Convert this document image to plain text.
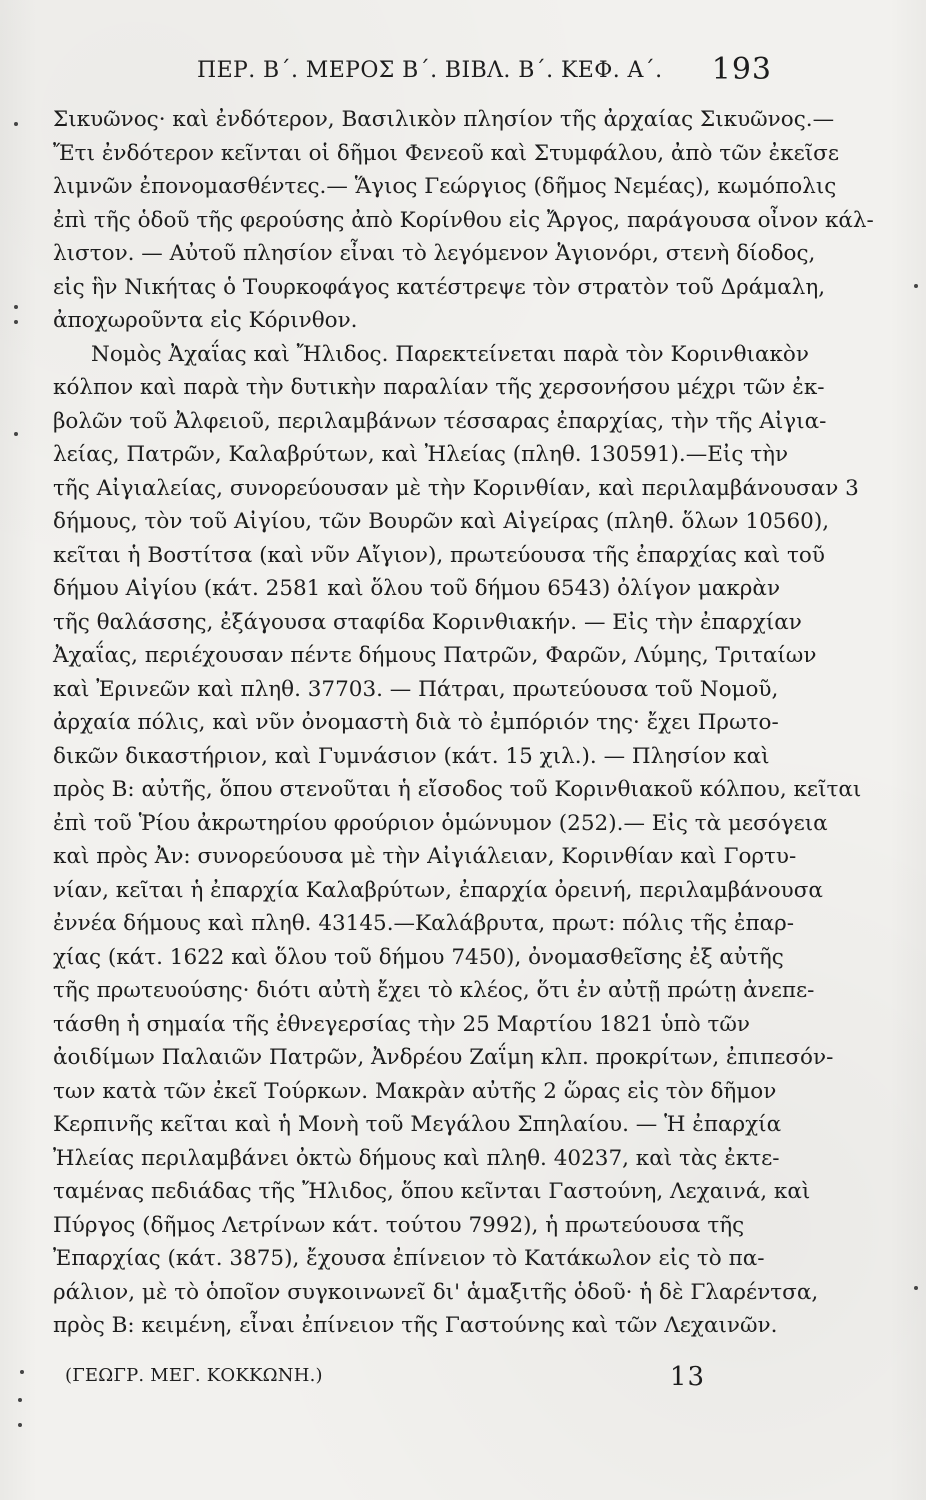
ΠΕΡ. Β΄. ΜΕΡΟΣ Β΄. ΒΙΒΛ. Β΄. ΚΕΦ. Α΄. 193
Σικυῶνος· καὶ ἐνδότερον, Βασιλικὸν πλησίον τῆς ἀρχαίας Σικυῶνος.—
Ἔτι ἐνδότερον κεῖνται οἱ δῆμοι Φενεοῦ καὶ Στυμφάλου, ἀπὸ τῶν ἐκεῖσε
λιμνῶν ἐπονομασθέντες.— Ἅγιος Γεώργιος (δῆμος Νεμέας), κωμόπολις
ἐπὶ τῆς ὁδοῦ τῆς φερούσης ἀπὸ Κορίνθου εἰς Ἄργος, παράγουσα οἶνον κάλ-
λιστον. — Αὐτοῦ πλησίον εἶναι τὸ λεγόμενον Ἁγιονόρι, στενὴ δίοδος,
εἰς ἣν Νικήτας ὁ Τουρκοφάγος κατέστρεψε τὸν στρατὸν τοῦ Δράμαλη,
ἀποχωροῦντα εἰς Κόρινθον.
Νομὸς Ἀχαΐας καὶ Ἤλιδος. Παρεκτείνεται παρὰ τὸν Κορινθιακὸν
κόλπον καὶ παρὰ τὴν δυτικὴν παραλίαν τῆς χερσονήσου μέχρι τῶν ἐκ-
βολῶν τοῦ Ἀλφειοῦ, περιλαμβάνων τέσσαρας ἐπαρχίας, τὴν τῆς Αἰγια-
λείας, Πατρῶν, Καλαβρύτων, καὶ Ἠλείας (πληθ. 130591).—Εἰς τὴν
τῆς Αἰγιαλείας, συνορεύουσαν μὲ τὴν Κορινθίαν, καὶ περιλαμβάνουσαν 3
δήμους, τὸν τοῦ Αἰγίου, τῶν Βουρῶν καὶ Αἰγείρας (πληθ. ὅλων 10560),
κεῖται ἡ Βοστίτσα (καὶ νῦν Αἴγιον), πρωτεύουσα τῆς ἐπαρχίας καὶ τοῦ
δήμου Αἰγίου (κάτ. 2581 καὶ ὅλου τοῦ δήμου 6543) ὀλίγον μακρὰν
τῆς θαλάσσης, ἐξάγουσα σταφίδα Κορινθιακήν. — Εἰς τὴν ἐπαρχίαν
Ἀχαΐας, περιέχουσαν πέντε δήμους Πατρῶν, Φαρῶν, Λύμης, Τριταίων
καὶ Ἐρινεῶν καὶ πληθ. 37703. — Πάτραι, πρωτεύουσα τοῦ Νομοῦ,
ἀρχαία πόλις, καὶ νῦν ὀνομαστὴ διὰ τὸ ἐμπόριόν της· ἔχει Πρωτο-
δικῶν δικαστήριον, καὶ Γυμνάσιον (κάτ. 15 χιλ.). — Πλησίον καὶ
πρὸς Β: αὐτῆς, ὅπου στενοῦται ἡ εἴσοδος τοῦ Κορινθιακοῦ κόλπου, κεῖται
ἐπὶ τοῦ Ῥίου ἀκρωτηρίου φρούριον ὁμώνυμον (252).— Εἰς τὰ μεσόγεια
καὶ πρὸς Ἀν: συνορεύουσα μὲ τὴν Αἰγιάλειαν, Κορινθίαν καὶ Γορτυ-
νίαν, κεῖται ἡ ἐπαρχία Καλαβρύτων, ἐπαρχία ὀρεινή, περιλαμβάνουσα
ἐννέα δήμους καὶ πληθ. 43145.—Καλάβρυτα, πρωτ: πόλις τῆς ἐπαρ-
χίας (κάτ. 1622 καὶ ὅλου τοῦ δήμου 7450), ὀνομασθεῖσης ἐξ αὐτῆς
τῆς πρωτευούσης· διότι αὐτὴ ἔχει τὸ κλέος, ὅτι ἐν αὐτῇ πρώτῃ ἀνεπε-
τάσθη ἡ σημαία τῆς ἐθνεγερσίας τὴν 25 Μαρτίου 1821 ὑπὸ τῶν
ἀοιδίμων Παλαιῶν Πατρῶν, Ἀνδρέου Ζαΐμη κλπ. προκρίτων, ἐπιπεσόν-
των κατὰ τῶν ἐκεῖ Τούρκων. Μακρὰν αὐτῆς 2 ὥρας εἰς τὸν δῆμον
Κερπινῆς κεῖται καὶ ἡ Μονὴ τοῦ Μεγάλου Σπηλαίου. — Ἡ ἐπαρχία
Ἠλείας περιλαμβάνει ὀκτὼ δήμους καὶ πληθ. 40237, καὶ τὰς ἐκτε-
ταμένας πεδιάδας τῆς Ἤλιδος, ὅπου κεῖνται Γαστούνη, Λεχαινά, καὶ
Πύργος (δῆμος Λετρίνων κάτ. τούτου 7992), ἡ πρωτεύουσα τῆς
Ἐπαρχίας (κάτ. 3875), ἔχουσα ἐπίνειον τὸ Κατάκωλον εἰς τὸ πα-
ράλιον, μὲ τὸ ὁποῖον συγκοινωνεῖ δι' ἁμαξιτῆς ὁδοῦ· ἡ δὲ Γλαρέντσα,
πρὸς Β: κειμένη, εἶναι ἐπίνειον τῆς Γαστούνης καὶ τῶν Λεχαινῶν.
(ΓΕΩΓΡ. ΜΕΓ. ΚΟΚΚΩΝΗ.)	13
